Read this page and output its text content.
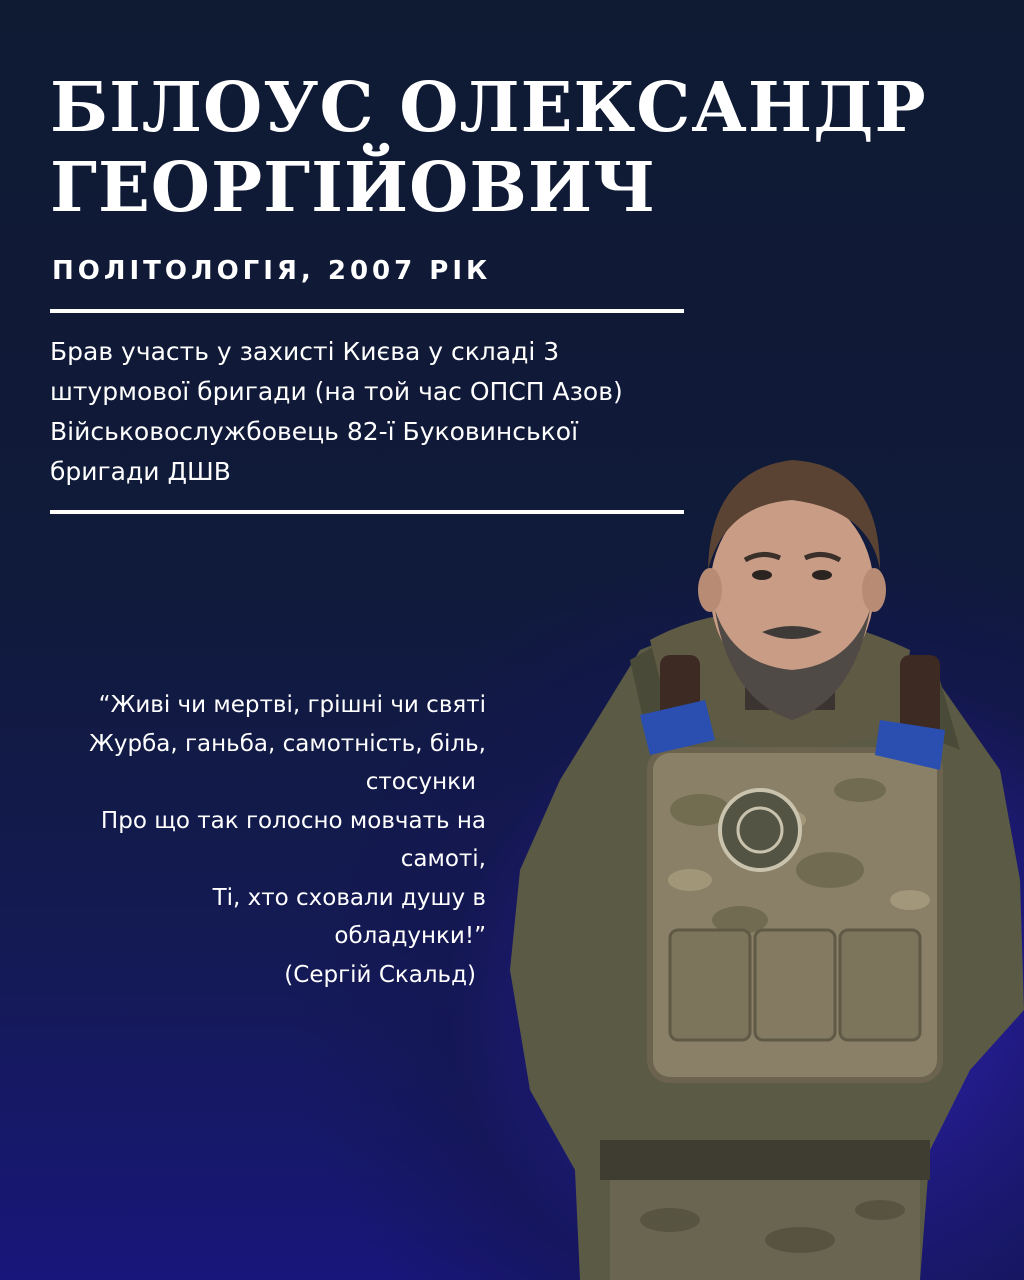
БІЛОУС ОЛЕКСАНДР
ГЕОРГІЙОВИЧ
ПОЛІТОЛОГІЯ, 2007 РІК
Брав участь у захисті Києва у складі 3
штурмової бригади (на той час ОПСП Азов)
Військовослужбовець 82-ї Буковинської
бригади ДШВ
“Живі чи мертві, грішні чи святі
Журба, ганьба, самотність, біль,
стосунки
Про що так голосно мовчать на
самоті,
Ті, хто сховали душу в
обладунки!”
(Сергій Скальд)
